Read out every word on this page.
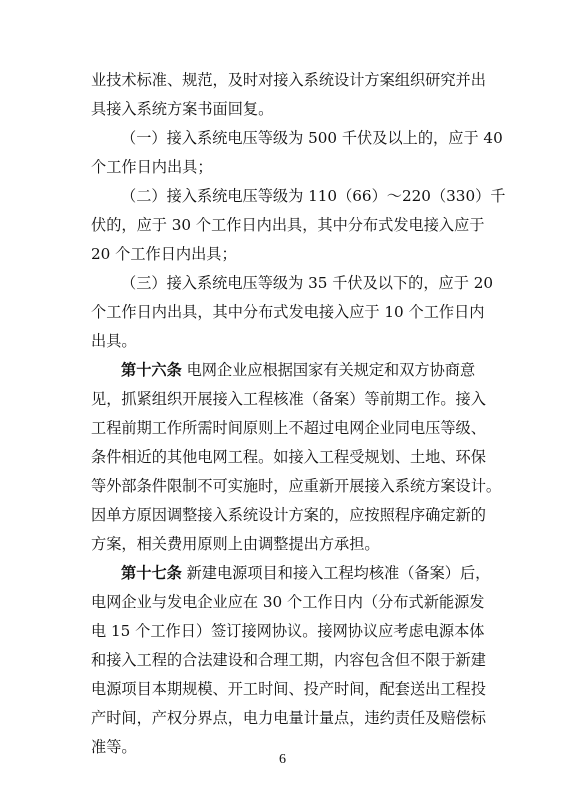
业技术标准、规范，及时对接入系统设计方案组织研究并出
具接入系统方案书面回复。
（一）接入系统电压等级为 500 千伏及以上的，应于 40
个工作日内出具；
（二）接入系统电压等级为 110（66）～220（330）千
伏的，应于 30 个工作日内出具，其中分布式发电接入应于
20 个工作日内出具；
（三）接入系统电压等级为 35 千伏及以下的，应于 20
个工作日内出具，其中分布式发电接入应于 10 个工作日内
出具。
第十六条 电网企业应根据国家有关规定和双方协商意
见，抓紧组织开展接入工程核准（备案）等前期工作。接入
工程前期工作所需时间原则上不超过电网企业同电压等级、
条件相近的其他电网工程。如接入工程受规划、土地、环保
等外部条件限制不可实施时，应重新开展接入系统方案设计。
因单方原因调整接入系统设计方案的，应按照程序确定新的
方案，相关费用原则上由调整提出方承担。
第十七条 新建电源项目和接入工程均核准（备案）后，
电网企业与发电企业应在 30 个工作日内（分布式新能源发
电 15 个工作日）签订接网协议。接网协议应考虑电源本体
和接入工程的合法建设和合理工期，内容包含但不限于新建
电源项目本期规模、开工时间、投产时间，配套送出工程投
产时间，产权分界点，电力电量计量点，违约责任及赔偿标
准等。
6
